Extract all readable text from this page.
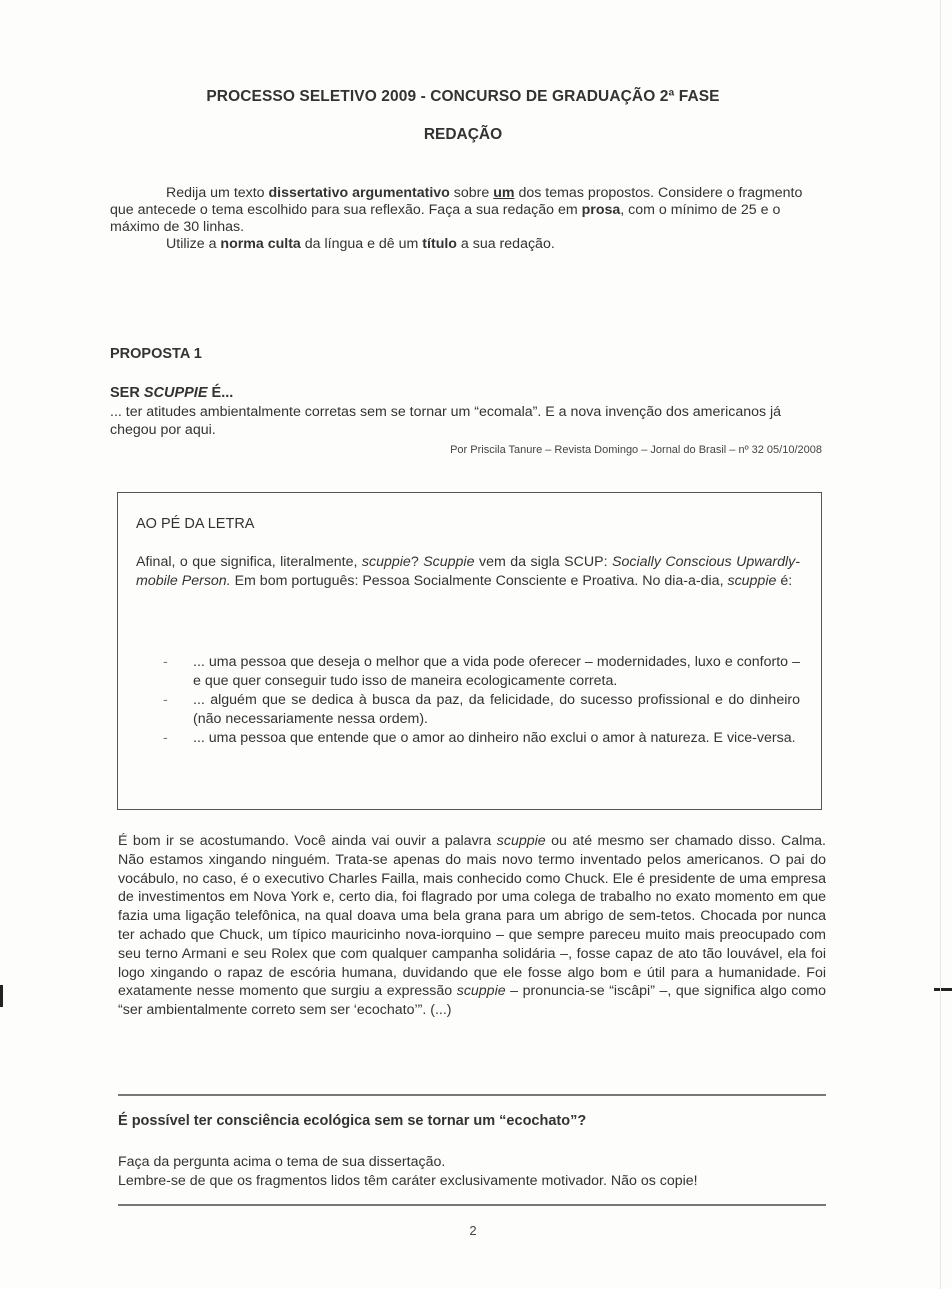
PROCESSO SELETIVO 2009 - CONCURSO DE GRADUAÇÃO 2ª FASE
REDAÇÃO

Redija um texto dissertativo argumentativo sobre um dos temas propostos. Considere o fragmento que antecede o tema escolhido para sua reflexão. Faça a sua redação em prosa, com o mínimo de 25 e o máximo de 30 linhas.

Utilize a norma culta da língua e dê um título a sua redação.

PROPOSTA 1
SER SCUPPIE É...
... ter atitudes ambientalmente corretas sem se tornar um “ecomala”. E a nova invenção dos americanos já chegou por aqui.
Por Priscila Tanure – Revista Domingo – Jornal do Brasil – nº 32 05/10/2008
AO PÉ DA LETRA
Afinal, o que significa, literalmente, scuppie? Scuppie vem da sigla SCUP: Socially Conscious Upwardly-mobile Person. Em bom português: Pessoa Socialmente Consciente e Proativa. No dia-a-dia, scuppie é:
- ... uma pessoa que deseja o melhor que a vida pode oferecer – modernidades, luxo e conforto – e que quer conseguir tudo isso de maneira ecologicamente correta.
- ... alguém que se dedica à busca da paz, da felicidade, do sucesso profissional e do dinheiro (não necessariamente nessa ordem).
- ... uma pessoa que entende que o amor ao dinheiro não exclui o amor à natureza. E vice-versa.
É bom ir se acostumando. Você ainda vai ouvir a palavra scuppie ou até mesmo ser chamado disso. Calma. Não estamos xingando ninguém. Trata-se apenas do mais novo termo inventado pelos americanos. O pai do vocábulo, no caso, é o executivo Charles Failla, mais conhecido como Chuck. Ele é presidente de uma empresa de investimentos em Nova York e, certo dia, foi flagrado por uma colega de trabalho no exato momento em que fazia uma ligação telefônica, na qual doava uma bela grana para um abrigo de sem-tetos. Chocada por nunca ter achado que Chuck, um típico mauricinho nova-iorquino – que sempre pareceu muito mais preocupado com seu terno Armani e seu Rolex que com qualquer campanha solidária –, fosse capaz de ato tão louvável, ela foi logo xingando o rapaz de escória humana, duvidando que ele fosse algo bom e útil para a humanidade. Foi exatamente nesse momento que surgiu a expressão scuppie – pronuncia-se “iscâpi” –, que significa algo como “ser ambientalmente correto sem ser ‘ecochato’”. (...)
É possível ter consciência ecológica sem se tornar um “ecochato”?

Faça da pergunta acima o tema de sua dissertação.

Lembre-se de que os fragmentos lidos têm caráter exclusivamente motivador. Não os copie!

2
